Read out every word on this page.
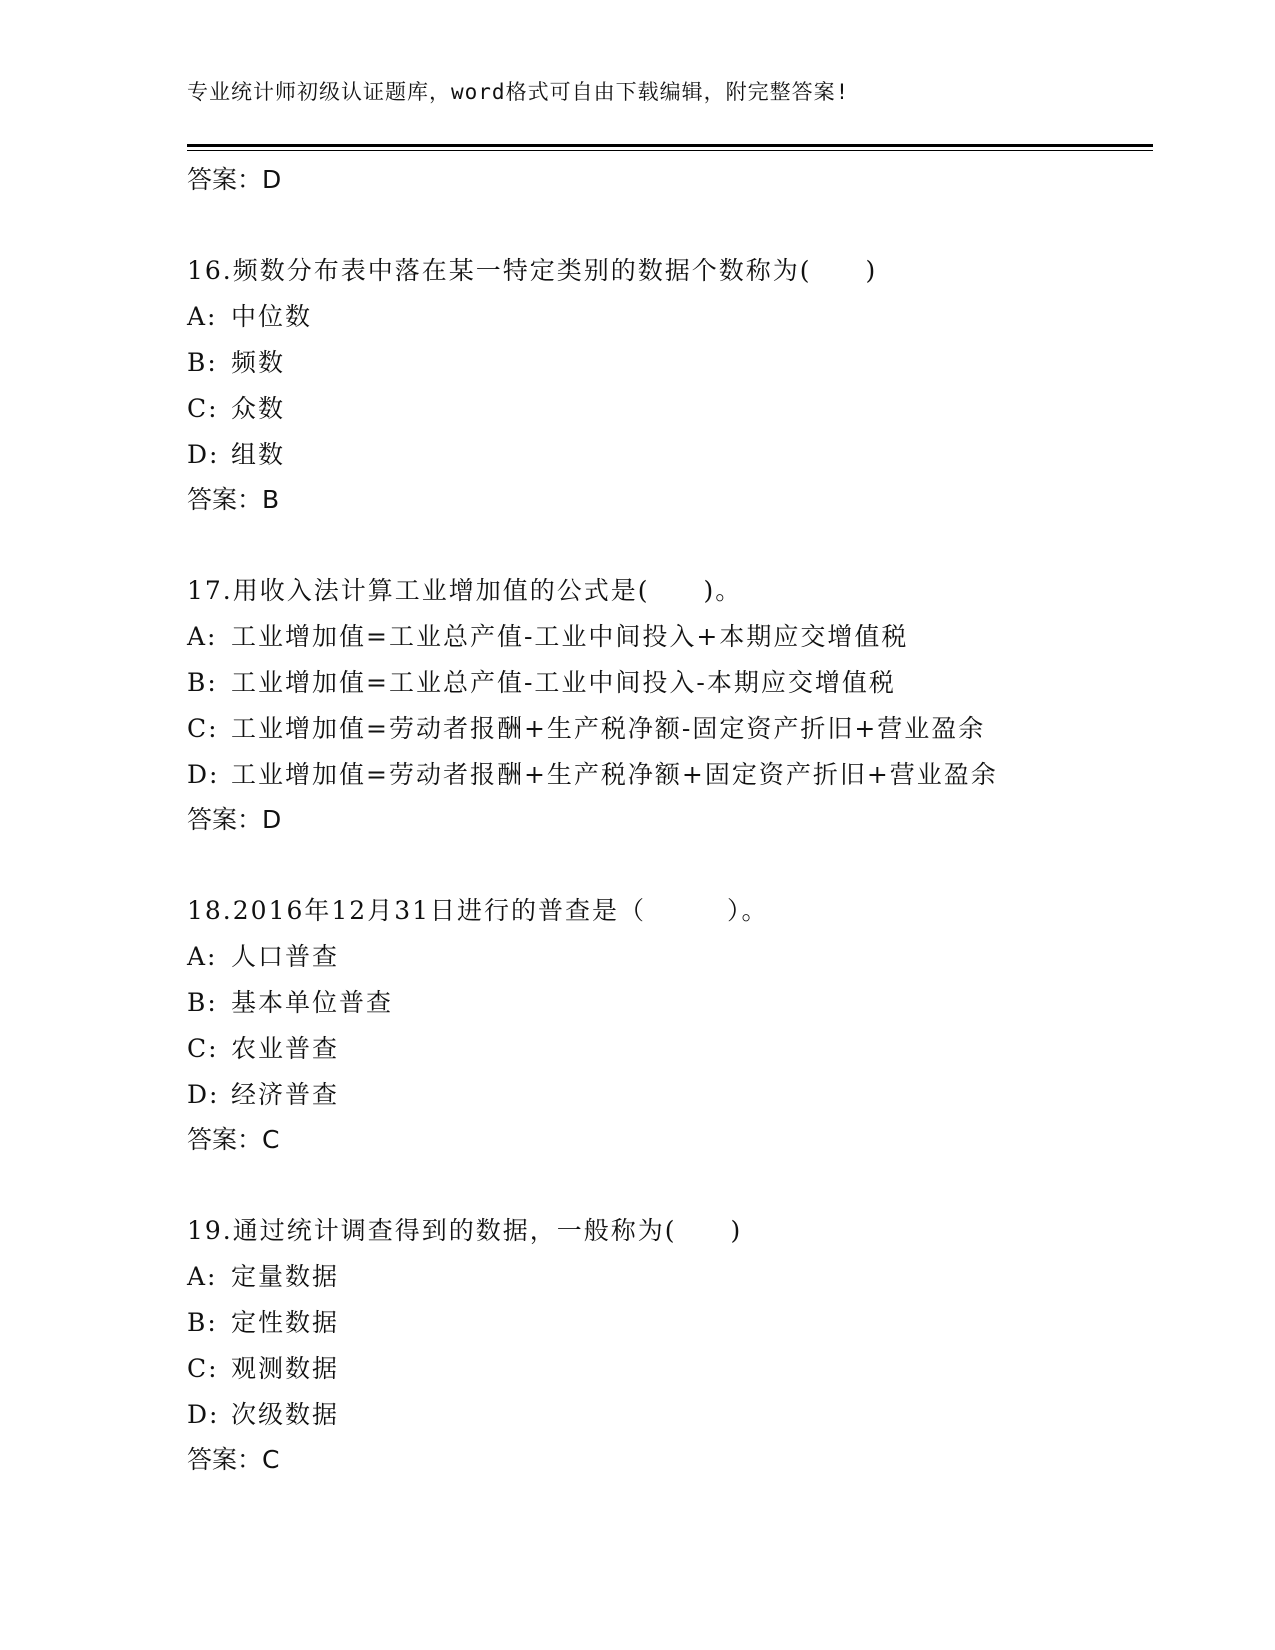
专业统计师初级认证题库，word格式可自由下载编辑，附完整答案!
答案：D
16.频数分布表中落在某一特定类别的数据个数称为(　　)
A: 中位数
B: 频数
C: 众数
D: 组数
答案：B
17.用收入法计算工业增加值的公式是(　　)。
A: 工业增加值=工业总产值-工业中间投入+本期应交增值税
B: 工业增加值=工业总产值-工业中间投入-本期应交增值税
C: 工业增加值=劳动者报酬+生产税净额-固定资产折旧+营业盈余
D: 工业增加值=劳动者报酬+生产税净额+固定资产折旧+营业盈余
答案：D
18.2016年12月31日进行的普查是（　　　）。
A: 人口普查
B: 基本单位普查
C: 农业普查
D: 经济普查
答案：C
19.通过统计调查得到的数据，一般称为(　　)
A: 定量数据
B: 定性数据
C: 观测数据
D: 次级数据
答案：C
